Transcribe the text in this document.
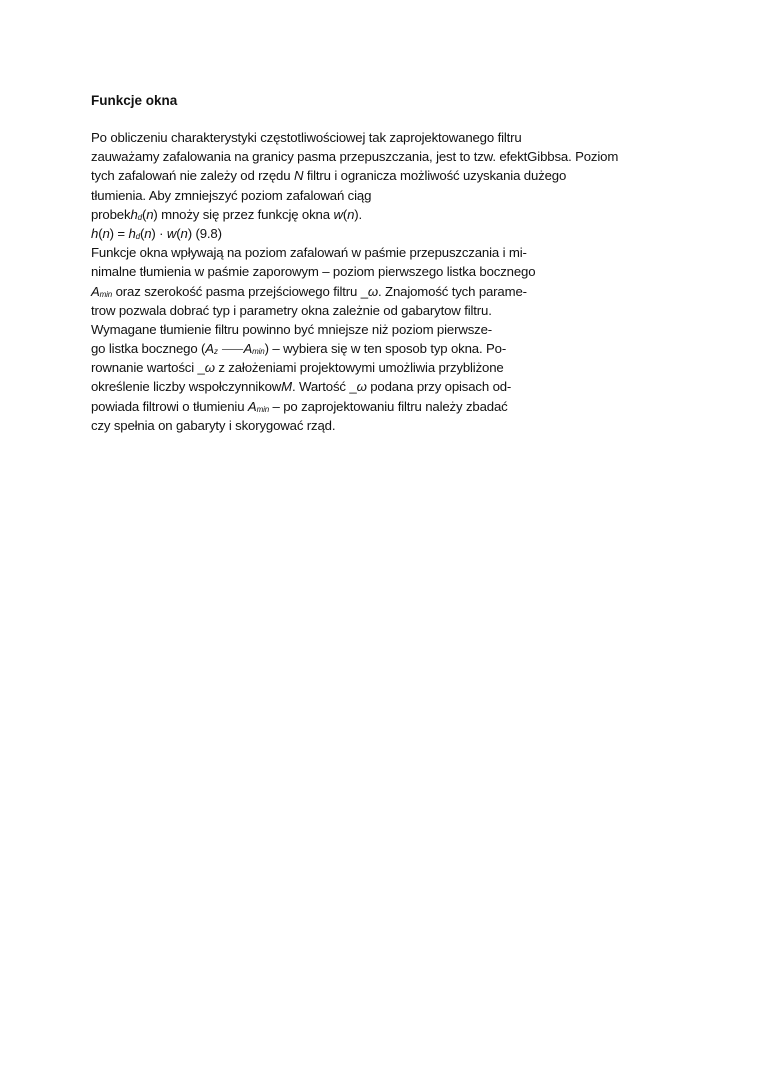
Funkcje okna
Po obliczeniu charakterystyki częstotliwościowej tak zaprojektowanego filtru
zauważamy zafalowania na granicy pasma przepuszczania, jest to tzw. efektGibbsa. Poziom
tych zafalowań nie zależy od rzędu N filtru i ogranicza możliwość uzyskania dużego
tłumienia. Aby zmniejszyć poziom zafalowań ciąg
probekhd(n) mnoży się przez funkcję okna w(n).
h(n) = hd(n) · w(n) (9.8)
Funkcje okna wpływają na poziom zafalowań w paśmie przepuszczania i mi-
nimalne tłumienia w paśmie zaporowym – poziom pierwszego listka bocznego
Amin oraz szerokość pasma przejściowego filtru _ω. Znajomość tych parame-
trow pozwala dobrać typ i parametry okna zależnie od gabarytow filtru.
Wymagane tłumienie filtru powinno być mniejsze niż poziom pierwsze-
go listka bocznego (Az ⸺Amin) – wybiera się w ten sposob typ okna. Po-
rownanie wartości _ω z założeniami projektowymi umożliwia przybliżone
określenie liczby wspołczynnikowM. Wartość _ω podana przy opisach od-
powiada filtrowi o tłumieniu Amin – po zaprojektowaniu filtru należy zbadać
czy spełnia on gabaryty i skorygować rząd.
